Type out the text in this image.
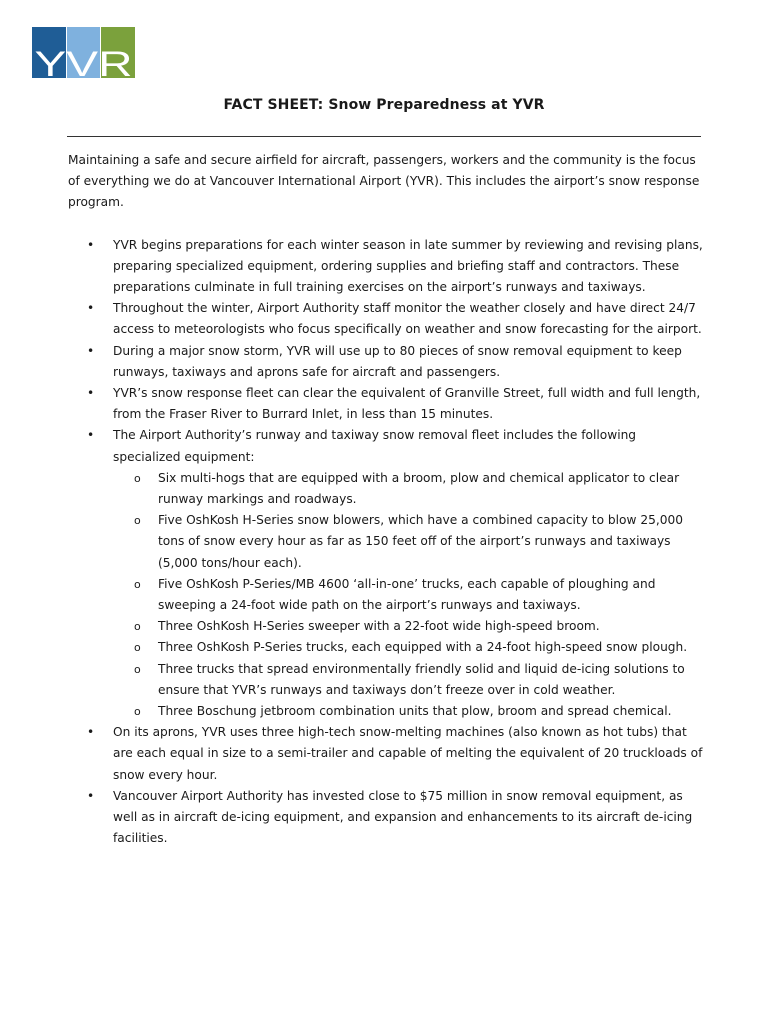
YVR
FACT SHEET: Snow Preparedness at YVR

Maintaining a safe and secure airfield for aircraft, passengers, workers and the community is the focus of everything we do at Vancouver International Airport (YVR). This includes the airport’s snow response program.

• YVR begins preparations for each winter season in late summer by reviewing and revising plans, preparing specialized equipment, ordering supplies and briefing staff and contractors. These preparations culminate in full training exercises on the airport’s runways and taxiways.
• Throughout the winter, Airport Authority staff monitor the weather closely and have direct 24/7 access to meteorologists who focus specifically on weather and snow forecasting for the airport.
• During a major snow storm, YVR will use up to 80 pieces of snow removal equipment to keep runways, taxiways and aprons safe for aircraft and passengers.
• YVR’s snow response fleet can clear the equivalent of Granville Street, full width and full length, from the Fraser River to Burrard Inlet, in less than 15 minutes.
• The Airport Authority’s runway and taxiway snow removal fleet includes the following specialized equipment:
o Six multi-hogs that are equipped with a broom, plow and chemical applicator to clear runway markings and roadways.
o Five OshKosh H-Series snow blowers, which have a combined capacity to blow 25,000 tons of snow every hour as far as 150 feet off of the airport’s runways and taxiways (5,000 tons/hour each).
o Five OshKosh P-Series/MB 4600 ‘all-in-one’ trucks, each capable of ploughing and sweeping a 24-foot wide path on the airport’s runways and taxiways.
o Three OshKosh H-Series sweeper with a 22-foot wide high-speed broom.
o Three OshKosh P-Series trucks, each equipped with a 24-foot high-speed snow plough.
o Three trucks that spread environmentally friendly solid and liquid de-icing solutions to ensure that YVR’s runways and taxiways don’t freeze over in cold weather.
o Three Boschung jetbroom combination units that plow, broom and spread chemical.
• On its aprons, YVR uses three high-tech snow-melting machines (also known as hot tubs) that are each equal in size to a semi-trailer and capable of melting the equivalent of 20 truckloads of snow every hour.
• Vancouver Airport Authority has invested close to $75 million in snow removal equipment, as well as in aircraft de-icing equipment, and expansion and enhancements to its aircraft de-icing facilities.
